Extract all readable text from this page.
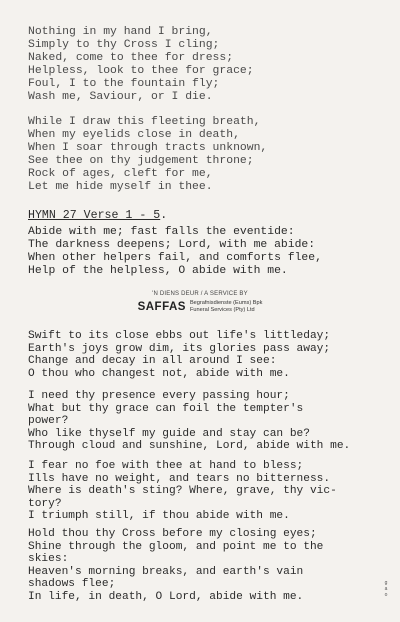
Nothing in my hand I bring,
Simply to thy Cross I cling;
Naked, come to thee for dress;
Helpless, look to thee for grace;
Foul, I to the fountain fly;
Wash me, Saviour, or I die.
While I draw this fleeting breath,
When my eyelids close in death,
When I soar through tracts unknown,
See thee on thy judgement throne;
Rock of ages, cleft for me,
Let me hide myself in thee.
HYMN 27 Verse 1 - 5.
Abide with me; fast falls the eventide:
The darkness deepens; Lord, with me abide:
When other helpers fail, and comforts flee,
Help of the helpless, O abide with me.
'N DIENS DEUR / A SERVICE BY
SAFFAS Begrafnisdienste (Eums) Bpk
Funeral Services (Pty) Ltd
Swift to its close ebbs out life's littleday;
Earth's joys grow dim, its glories pass away;
Change and decay in all around I see:
O thou who changest not, abide with me.
I need thy presence every passing hour;
What but thy grace can foil the tempter's
power?
Who like thyself my guide and stay can be?
Through cloud and sunshine, Lord, abide with me.
I fear no foe with thee at hand to bless;
Ills have no weight, and tears no bitterness.
Where is death's sting? Where, grave, thy vic-
tory?
I triumph still, if thou abide with me.
Hold thou thy Cross before my closing eyes;
Shine through the gloom, and point me to the
skies:
Heaven's morning breaks, and earth's vain
shadows flee;
In life, in death, O Lord, abide with me.
g
a
o
